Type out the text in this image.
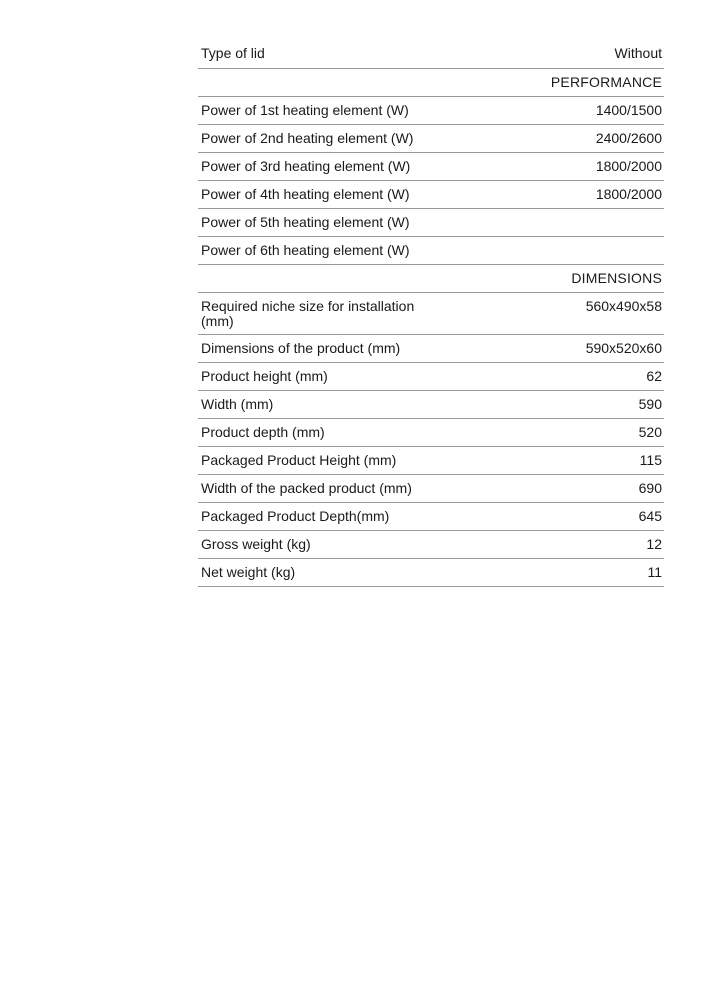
Type of lid	Without
	PERFORMANCE
Power of 1st heating element (W)	1400/1500
Power of 2nd heating element (W)	2400/2600
Power of 3rd heating element (W)	1800/2000
Power of 4th heating element (W)	1800/2000
Power of 5th heating element (W)	
Power of 6th heating element (W)	
	DIMENSIONS
Required niche size for installation (mm)	560x490x58
Dimensions of the product (mm)	590x520x60
Product height (mm)	62
Width (mm)	590
Product depth (mm)	520
Packaged Product Height (mm)	115
Width of the packed product (mm)	690
Packaged Product Depth(mm)	645
Gross weight (kg)	12
Net weight (kg)	11
